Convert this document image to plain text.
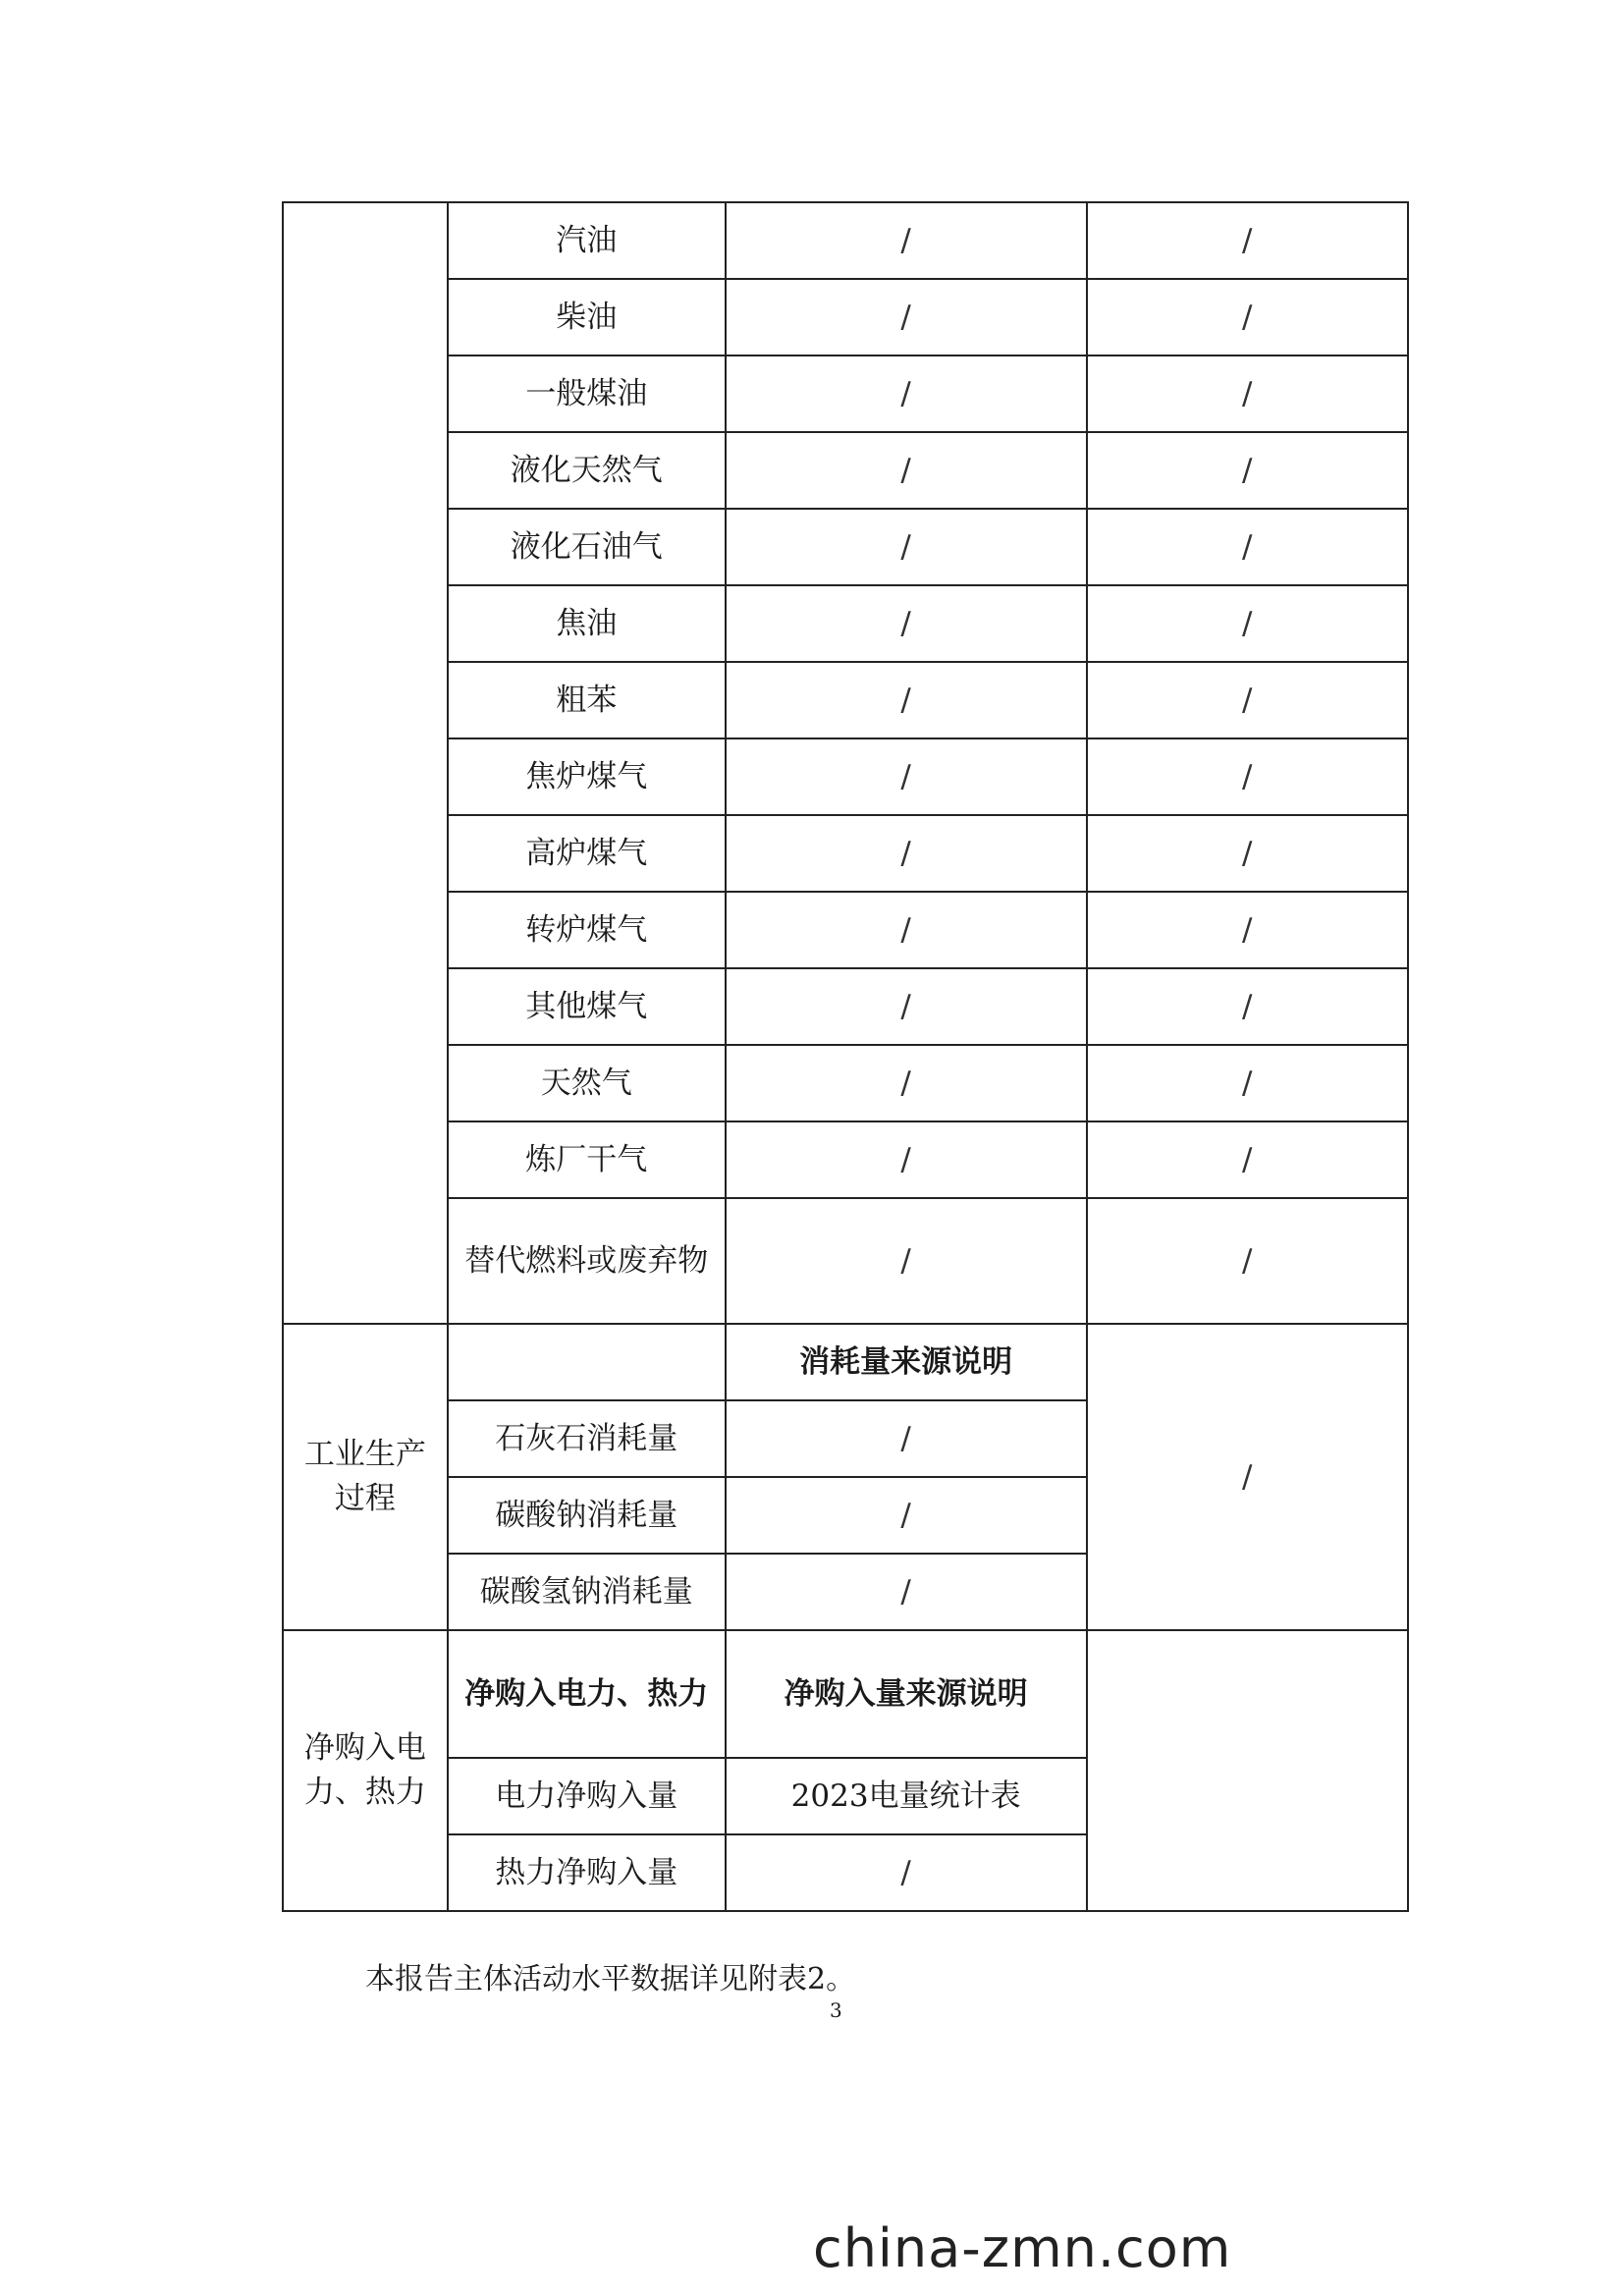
	汽油	/	/
	柴油	/	/
	一般煤油	/	/
	液化天然气	/	/
	液化石油气	/	/
	焦油	/	/
	粗苯	/	/
	焦炉煤气	/	/
	高炉煤气	/	/
	转炉煤气	/	/
	其他煤气	/	/
	天然气	/	/
	炼厂干气	/	/
	替代燃料或废弃物	/	/
工业生产过程		消耗量来源说明	/
	石灰石消耗量	/	
	碳酸钠消耗量	/	
	碳酸氢钠消耗量	/	
净购入电力、热力	净购入电力、热力	净购入量来源说明	
	电力净购入量	2023电量统计表	
	热力净购入量	/	
本报告主体活动水平数据详见附表2。
3
china-zmn.com
